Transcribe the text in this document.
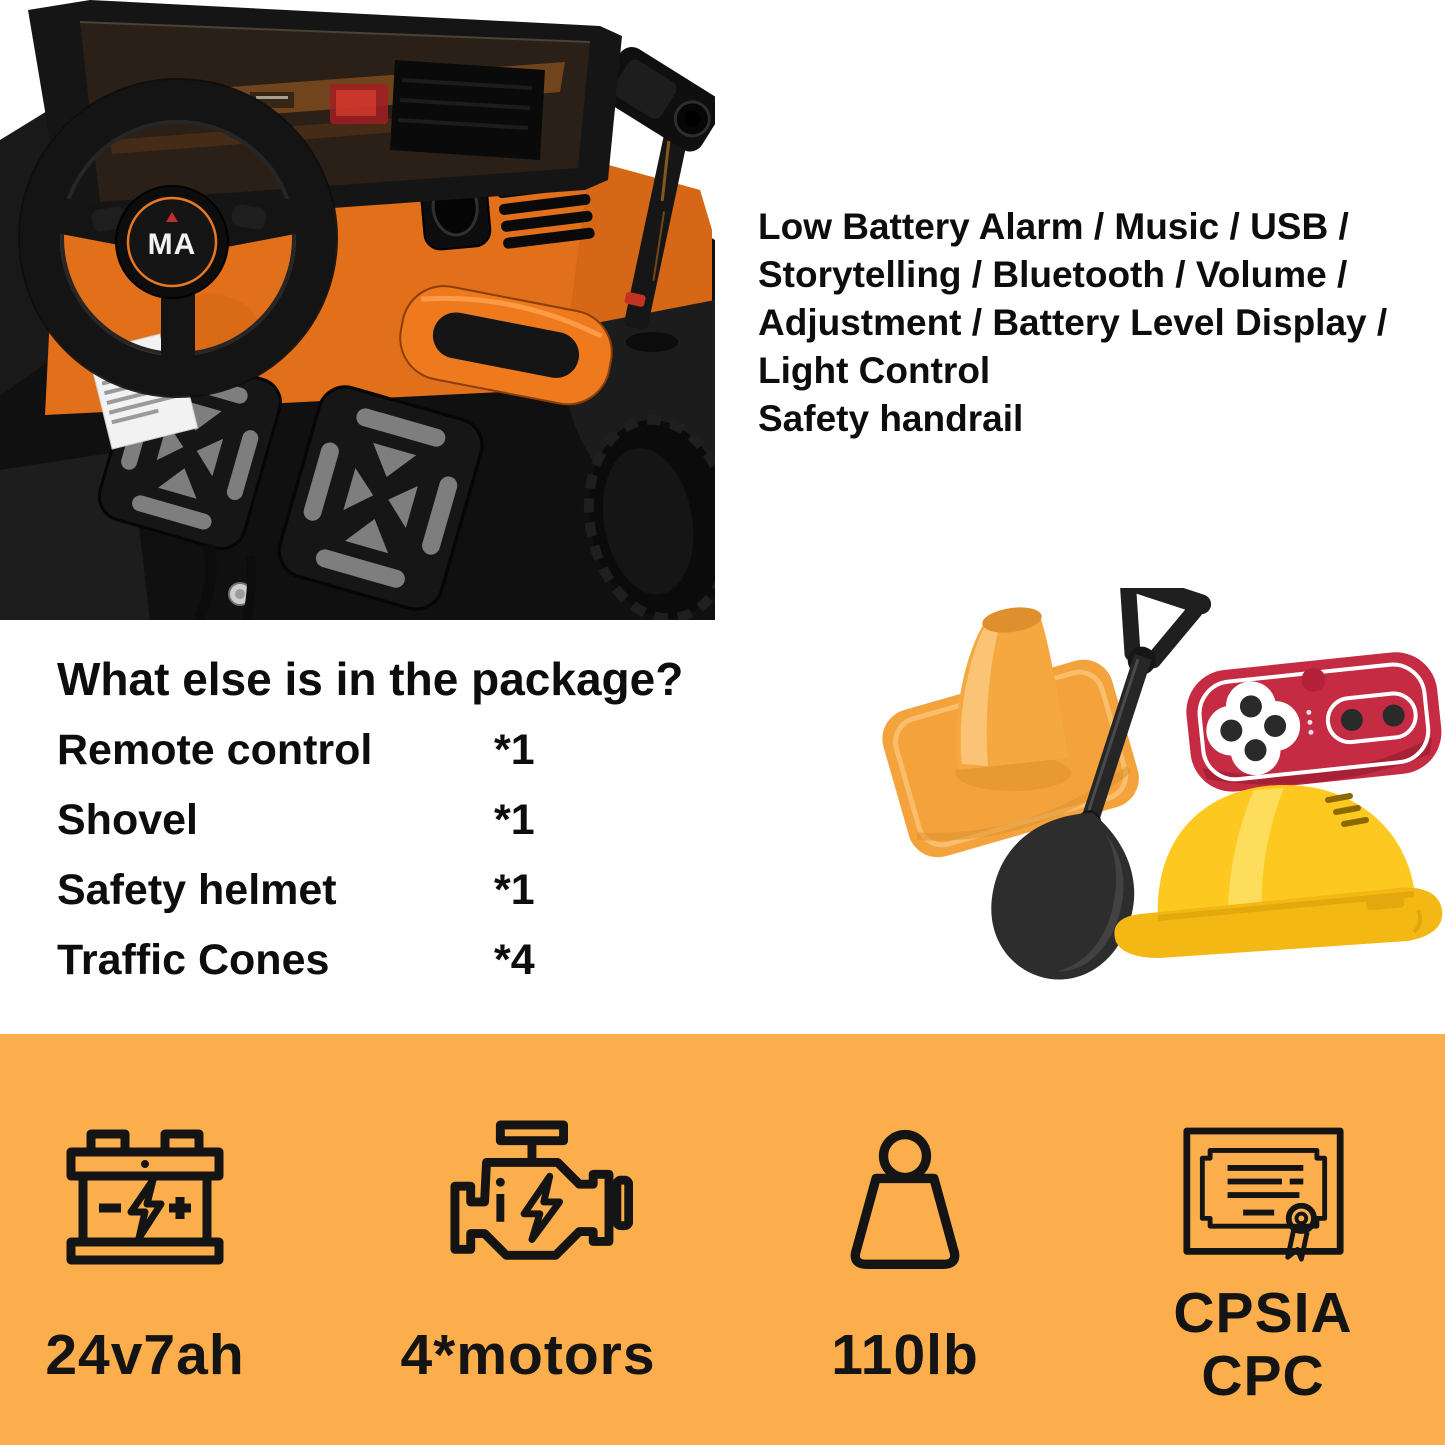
MA	Low Battery Alarm / Music / USB /
Storytelling / Bluetooth / Volume /
Adjustment / Battery Level Display /
Light Control
Safety handrail
What else is in the package?
Remote control	*1
Shovel	*1
Safety helmet	*1
Traffic Cones	*4
24v7ah	4*motors	110lb
CPSIA
CPC
